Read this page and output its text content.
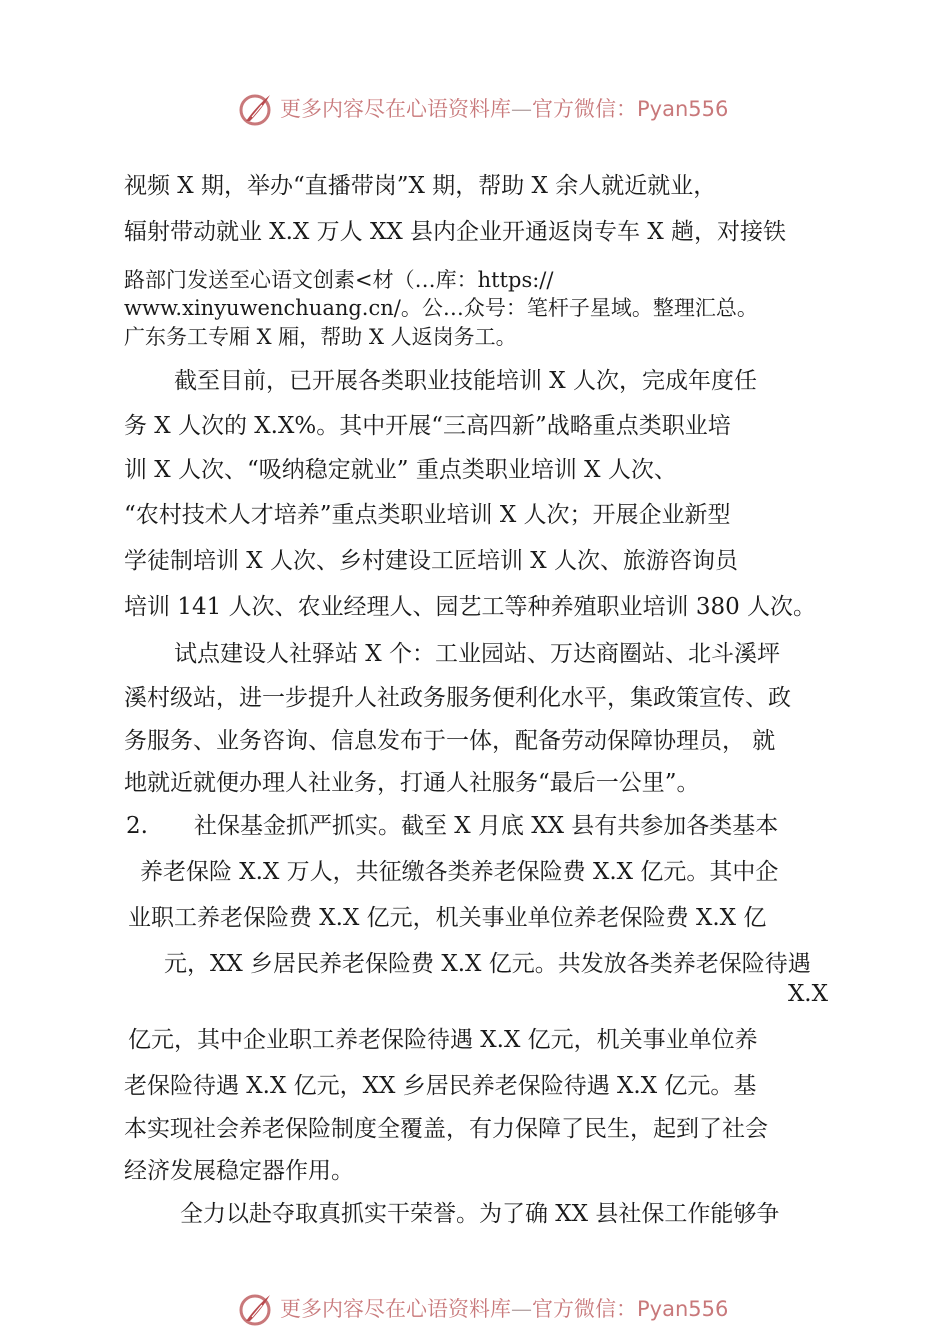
更多内容尽在心语资料库—官方微信：Pyan556
视频 X 期，举办“直播带岗”X 期，帮助 X 余人就近就业，
辐射带动就业 X.X 万人 XX 县内企业开通返岗专车 X 趟，对接铁
路部门发送至心语文创素<材（…库：https://
www.xinyuwenchuang.cn/。公…众号：笔杆子星域。整理汇总。
广东务工专厢 X 厢，帮助 X 人返岗务工。
截至目前，已开展各类职业技能培训 X 人次，完成年度任
务 X 人次的 X.X%。其中开展“三高四新”战略重点类职业培
训 X 人次、“吸纳稳定就业” 重点类职业培训 X 人次、
“农村技术人才培养”重点类职业培训 X 人次；开展企业新型
学徒制培训 X 人次、乡村建设工匠培训 X 人次、旅游咨询员
培训 141 人次、农业经理人、园艺工等种养殖职业培训 380 人次。
试点建设人社驿站 X 个：工业园站、万达商圈站、北斗溪坪
溪村级站，进一步提升人社政务服务便利化水平，集政策宣传、政
务服务、业务咨询、信息发布于一体，配备劳动保障协理员， 就
地就近就便办理人社业务，打通人社服务“最后一公里”。
2.　　社保基金抓严抓实。截至 X 月底 XX 县有共参加各类基本
养老保险 X.X 万人，共征缴各类养老保险费 X.X 亿元。其中企
业职工养老保险费 X.X 亿元，机关事业单位养老保险费 X.X 亿
元，XX 乡居民养老保险费 X.X 亿元。共发放各类养老保险待遇
X.X
亿元，其中企业职工养老保险待遇 X.X 亿元，机关事业单位养
老保险待遇 X.X 亿元，XX 乡居民养老保险待遇 X.X 亿元。基
本实现社会养老保险制度全覆盖，有力保障了民生，起到了社会
经济发展稳定器作用。
全力以赴夺取真抓实干荣誉。为了确 XX 县社保工作能够争
更多内容尽在心语资料库—官方微信：Pyan556
